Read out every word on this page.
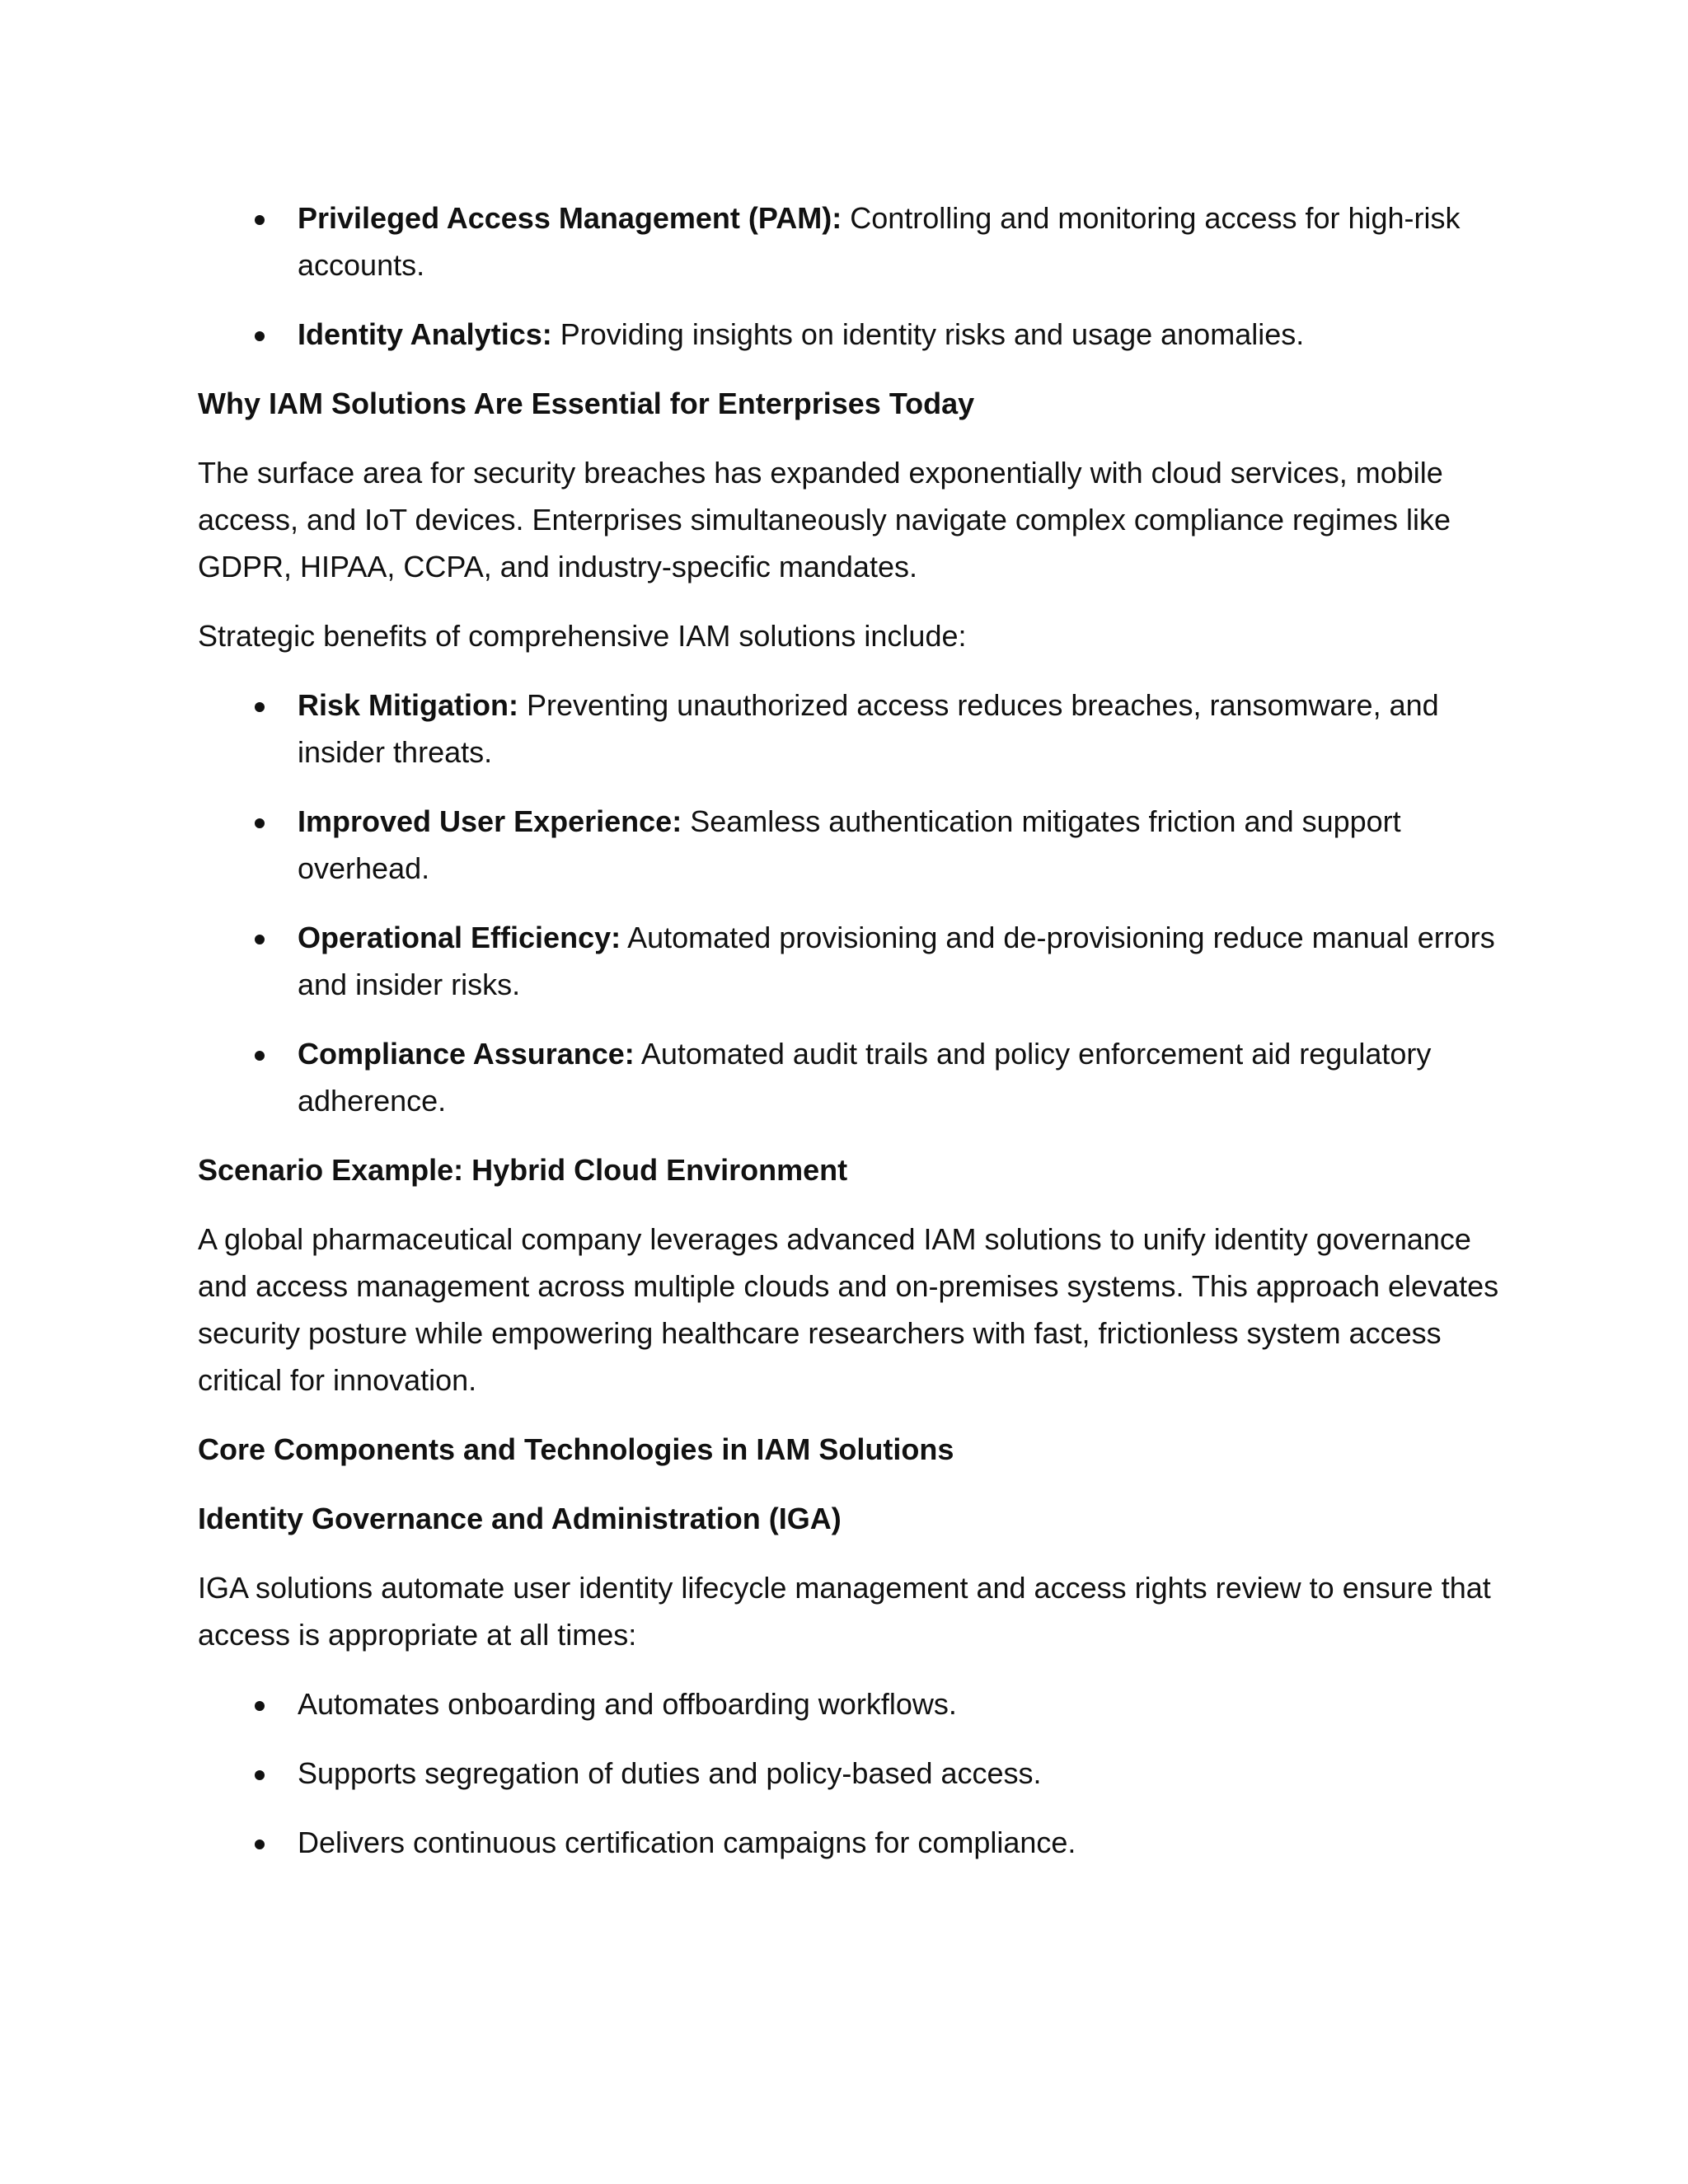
Privileged Access Management (PAM): Controlling and monitoring access for high-risk accounts.
Identity Analytics: Providing insights on identity risks and usage anomalies.

Why IAM Solutions Are Essential for Enterprises Today

The surface area for security breaches has expanded exponentially with cloud services, mobile access, and IoT devices. Enterprises simultaneously navigate complex compliance regimes like GDPR, HIPAA, CCPA, and industry-specific mandates.

Strategic benefits of comprehensive IAM solutions include:

Risk Mitigation: Preventing unauthorized access reduces breaches, ransomware, and insider threats.
Improved User Experience: Seamless authentication mitigates friction and support overhead.
Operational Efficiency: Automated provisioning and de-provisioning reduce manual errors and insider risks.
Compliance Assurance: Automated audit trails and policy enforcement aid regulatory adherence.

Scenario Example: Hybrid Cloud Environment

A global pharmaceutical company leverages advanced IAM solutions to unify identity governance and access management across multiple clouds and on-premises systems. This approach elevates security posture while empowering healthcare researchers with fast, frictionless system access critical for innovation.

Core Components and Technologies in IAM Solutions

Identity Governance and Administration (IGA)

IGA solutions automate user identity lifecycle management and access rights review to ensure that access is appropriate at all times:

Automates onboarding and offboarding workflows.
Supports segregation of duties and policy-based access.
Delivers continuous certification campaigns for compliance.
